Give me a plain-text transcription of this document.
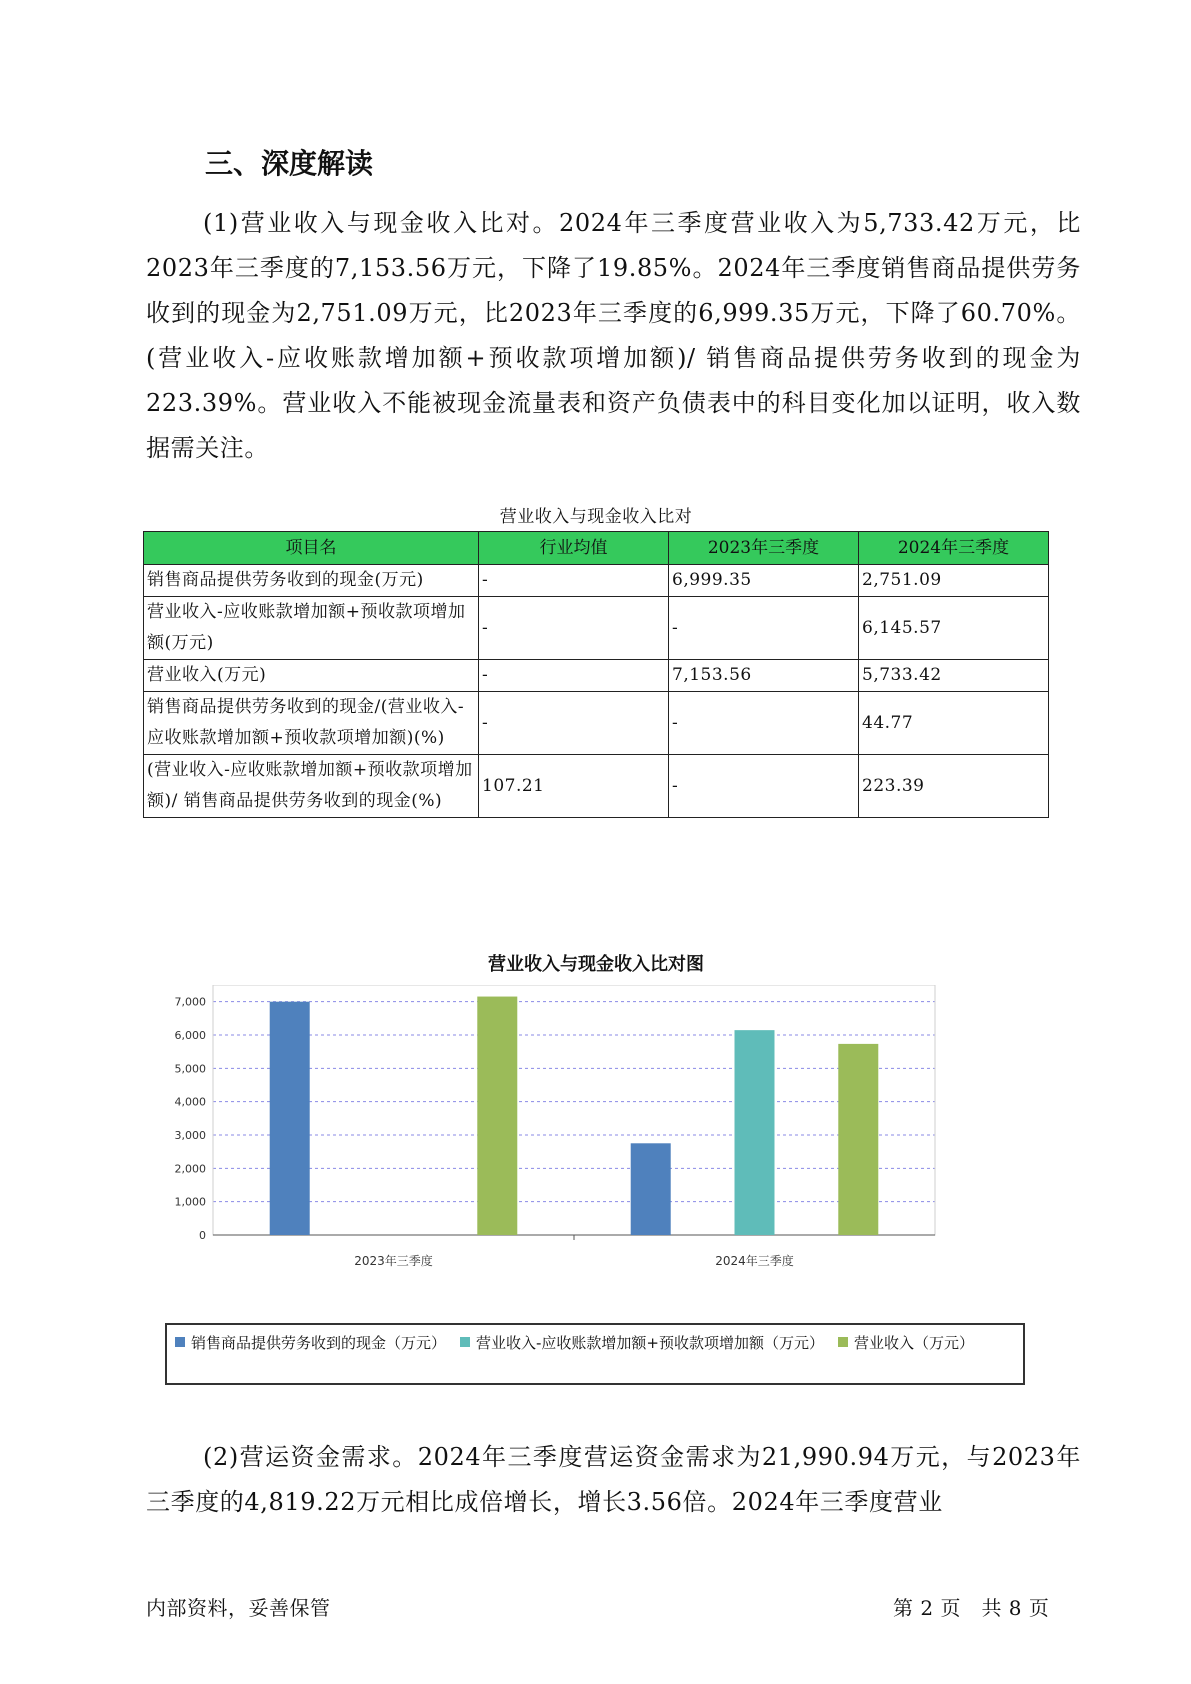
三、深度解读

(1)营业收入与现金收入比对。2024年三季度营业收入为5,733.42万元，比2023年三季度的7,153.56万元，下降了19.85%。2024年三季度销售商品提供劳务收到的现金为2,751.09万元，比2023年三季度的6,999.35万元，下降了60.70%。(营业收入-应收账款增加额+预收款项增加额)/ 销售商品提供劳务收到的现金为223.39%。营业收入不能被现金流量表和资产负债表中的科目变化加以证明，收入数据需关注。

营业收入与现金收入比对
项目名	行业均值	2023年三季度	2024年三季度
销售商品提供劳务收到的现金(万元)	-	6,999.35	2,751.09
营业收入-应收账款增加额+预收款项增加额(万元)	-	-	6,145.57
营业收入(万元)	-	7,153.56	5,733.42
销售商品提供劳务收到的现金/(营业收入-应收账款增加额+预收款项增加额)(%)	-	-	44.77
(营业收入-应收账款增加额+预收款项增加额)/ 销售商品提供劳务收到的现金(%)	107.21	-	223.39
营业收入与现金收入比对图
0
1,000
2,000
3,000
4,000
5,000
6,000
7,000
2023年三季度	2024年三季度
销售商品提供劳务收到的现金（万元） 营业收入-应收账款增加额+预收款项增加额（万元） 营业收入（万元）

(2)营运资金需求。2024年三季度营运资金需求为21,990.94万元，与2023年三季度的4,819.22万元相比成倍增长，增长3.56倍。2024年三季度营业

内部资料，妥善保管	第 2 页　共 8 页
